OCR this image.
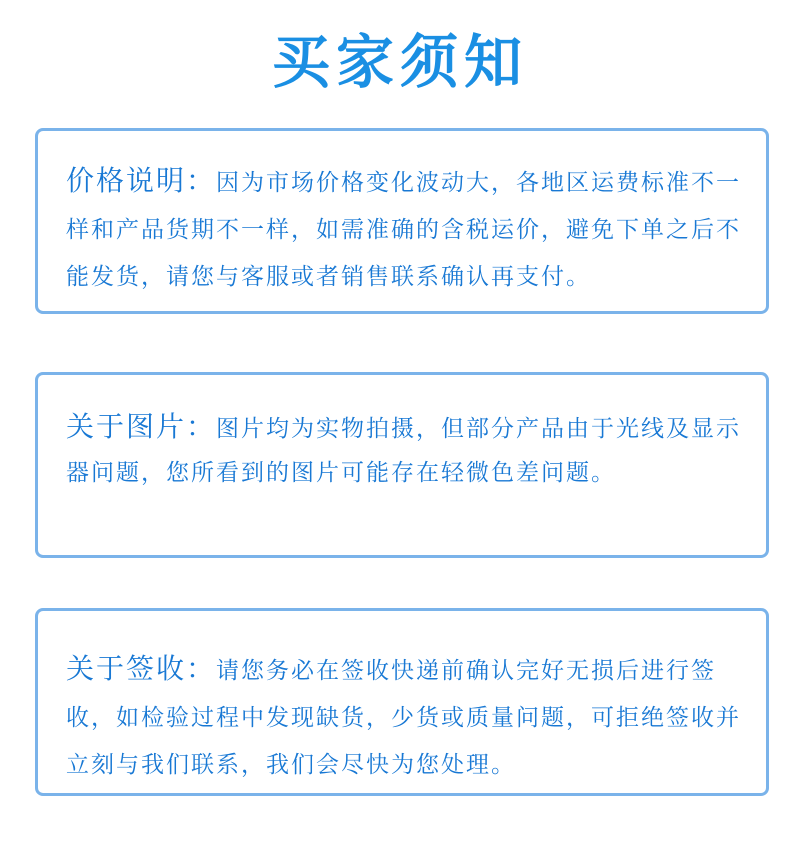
买家须知

价格说明：因为市场价格变化波动大，各地区运费标准不一样和产品货期不一样，如需准确的含税运价，避免下单之后不能发货，请您与客服或者销售联系确认再支付。

关于图片：图片均为实物拍摄，但部分产品由于光线及显示器问题，您所看到的图片可能存在轻微色差问题。

关于签收：请您务必在签收快递前确认完好无损后进行签收，如检验过程中发现缺货，少货或质量问题，可拒绝签收并立刻与我们联系，我们会尽快为您处理。
